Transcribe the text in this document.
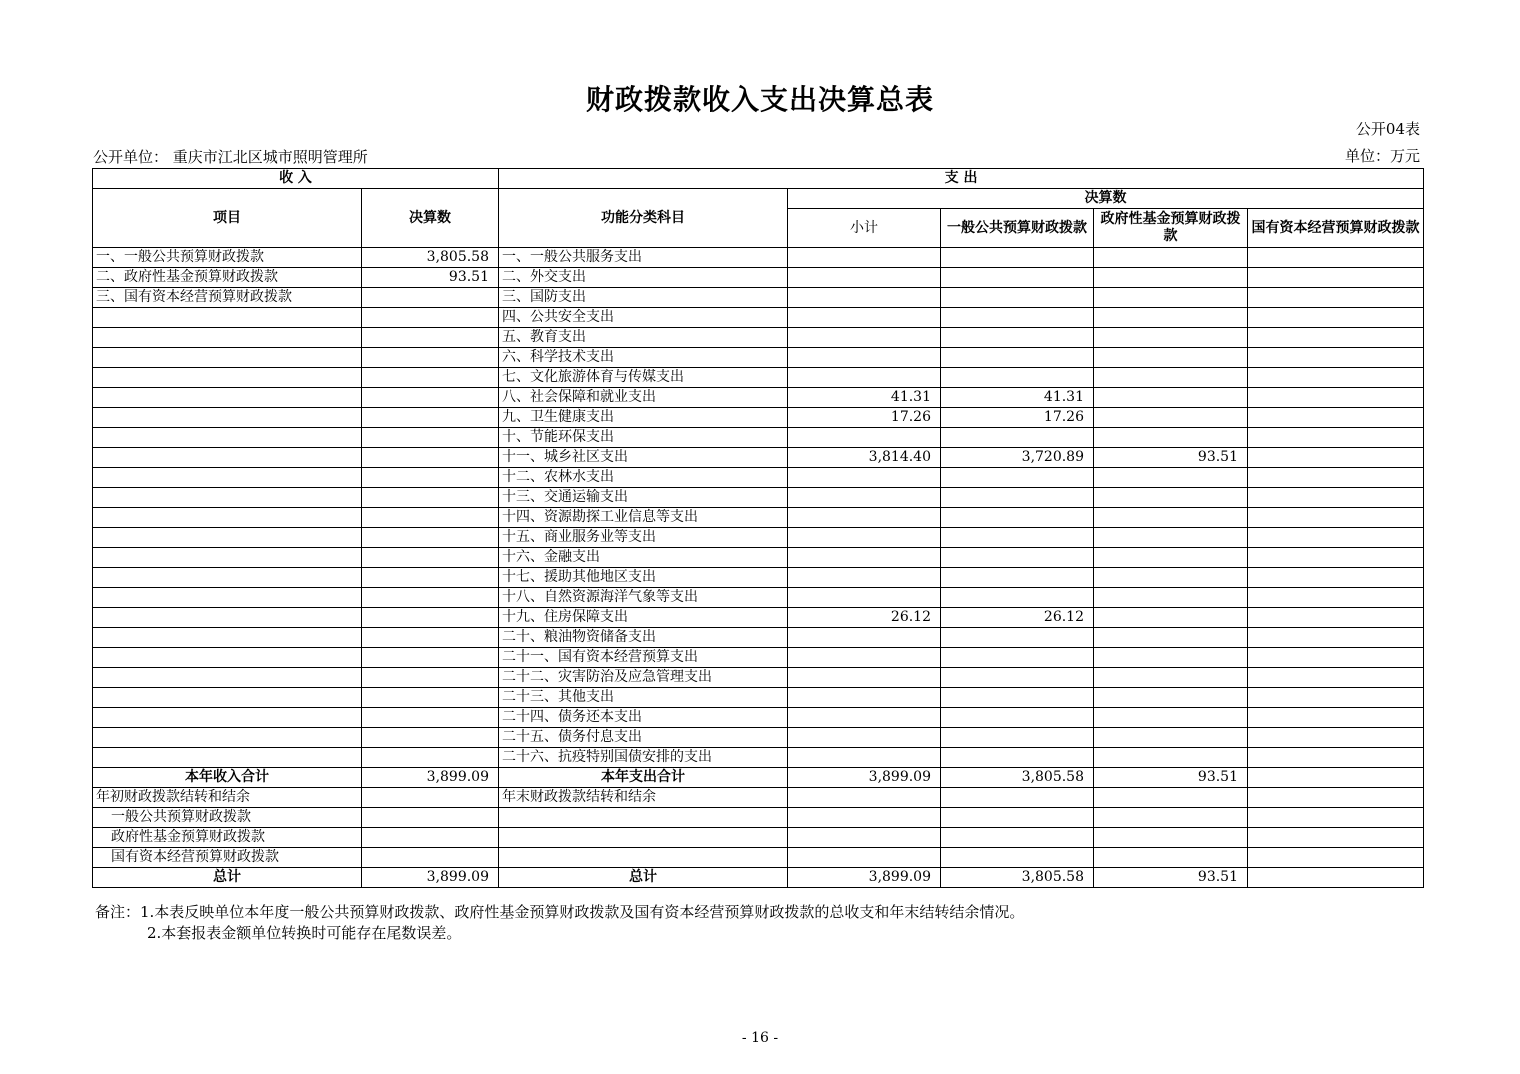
财政拨款收入支出决算总表
公开04表
公开单位： 重庆市江北区城市照明管理所	单位：万元
收 入		支 出				
项目	决算数	功能分类科目	决算数			
			小计	一般公共预算财政拨款	政府性基金预算财政拨款	国有资本经营预算财政拨款
一、一般公共预算财政拨款	3,805.58	一、一般公共服务支出				
二、政府性基金预算财政拨款	93.51	二、外交支出				
三、国有资本经营预算财政拨款		三、国防支出				
		四、公共安全支出				
		五、教育支出				
		六、科学技术支出				
		七、文化旅游体育与传媒支出				
		八、社会保障和就业支出	41.31	41.31		
		九、卫生健康支出	17.26	17.26		
		十、节能环保支出				
		十一、城乡社区支出	3,814.40	3,720.89	93.51	
		十二、农林水支出				
		十三、交通运输支出				
		十四、资源勘探工业信息等支出				
		十五、商业服务业等支出				
		十六、金融支出				
		十七、援助其他地区支出				
		十八、自然资源海洋气象等支出				
		十九、住房保障支出	26.12	26.12		
		二十、粮油物资储备支出				
		二十一、国有资本经营预算支出				
		二十二、灾害防治及应急管理支出				
		二十三、其他支出				
		二十四、债务还本支出				
		二十五、债务付息支出				
		二十六、抗疫特别国债安排的支出				
本年收入合计	3,899.09	本年支出合计	3,899.09	3,805.58	93.51	
年初财政拨款结转和结余		年末财政拨款结转和结余				
一般公共预算财政拨款						
政府性基金预算财政拨款						
国有资本经营预算财政拨款						
总计	3,899.09	总计	3,899.09	3,805.58	93.51	
备注：1.本表反映单位本年度一般公共预算财政拨款、政府性基金预算财政拨款及国有资本经营预算财政拨款的总收支和年末结转结余情况。
2.本套报表金额单位转换时可能存在尾数误差。
- 16 -
